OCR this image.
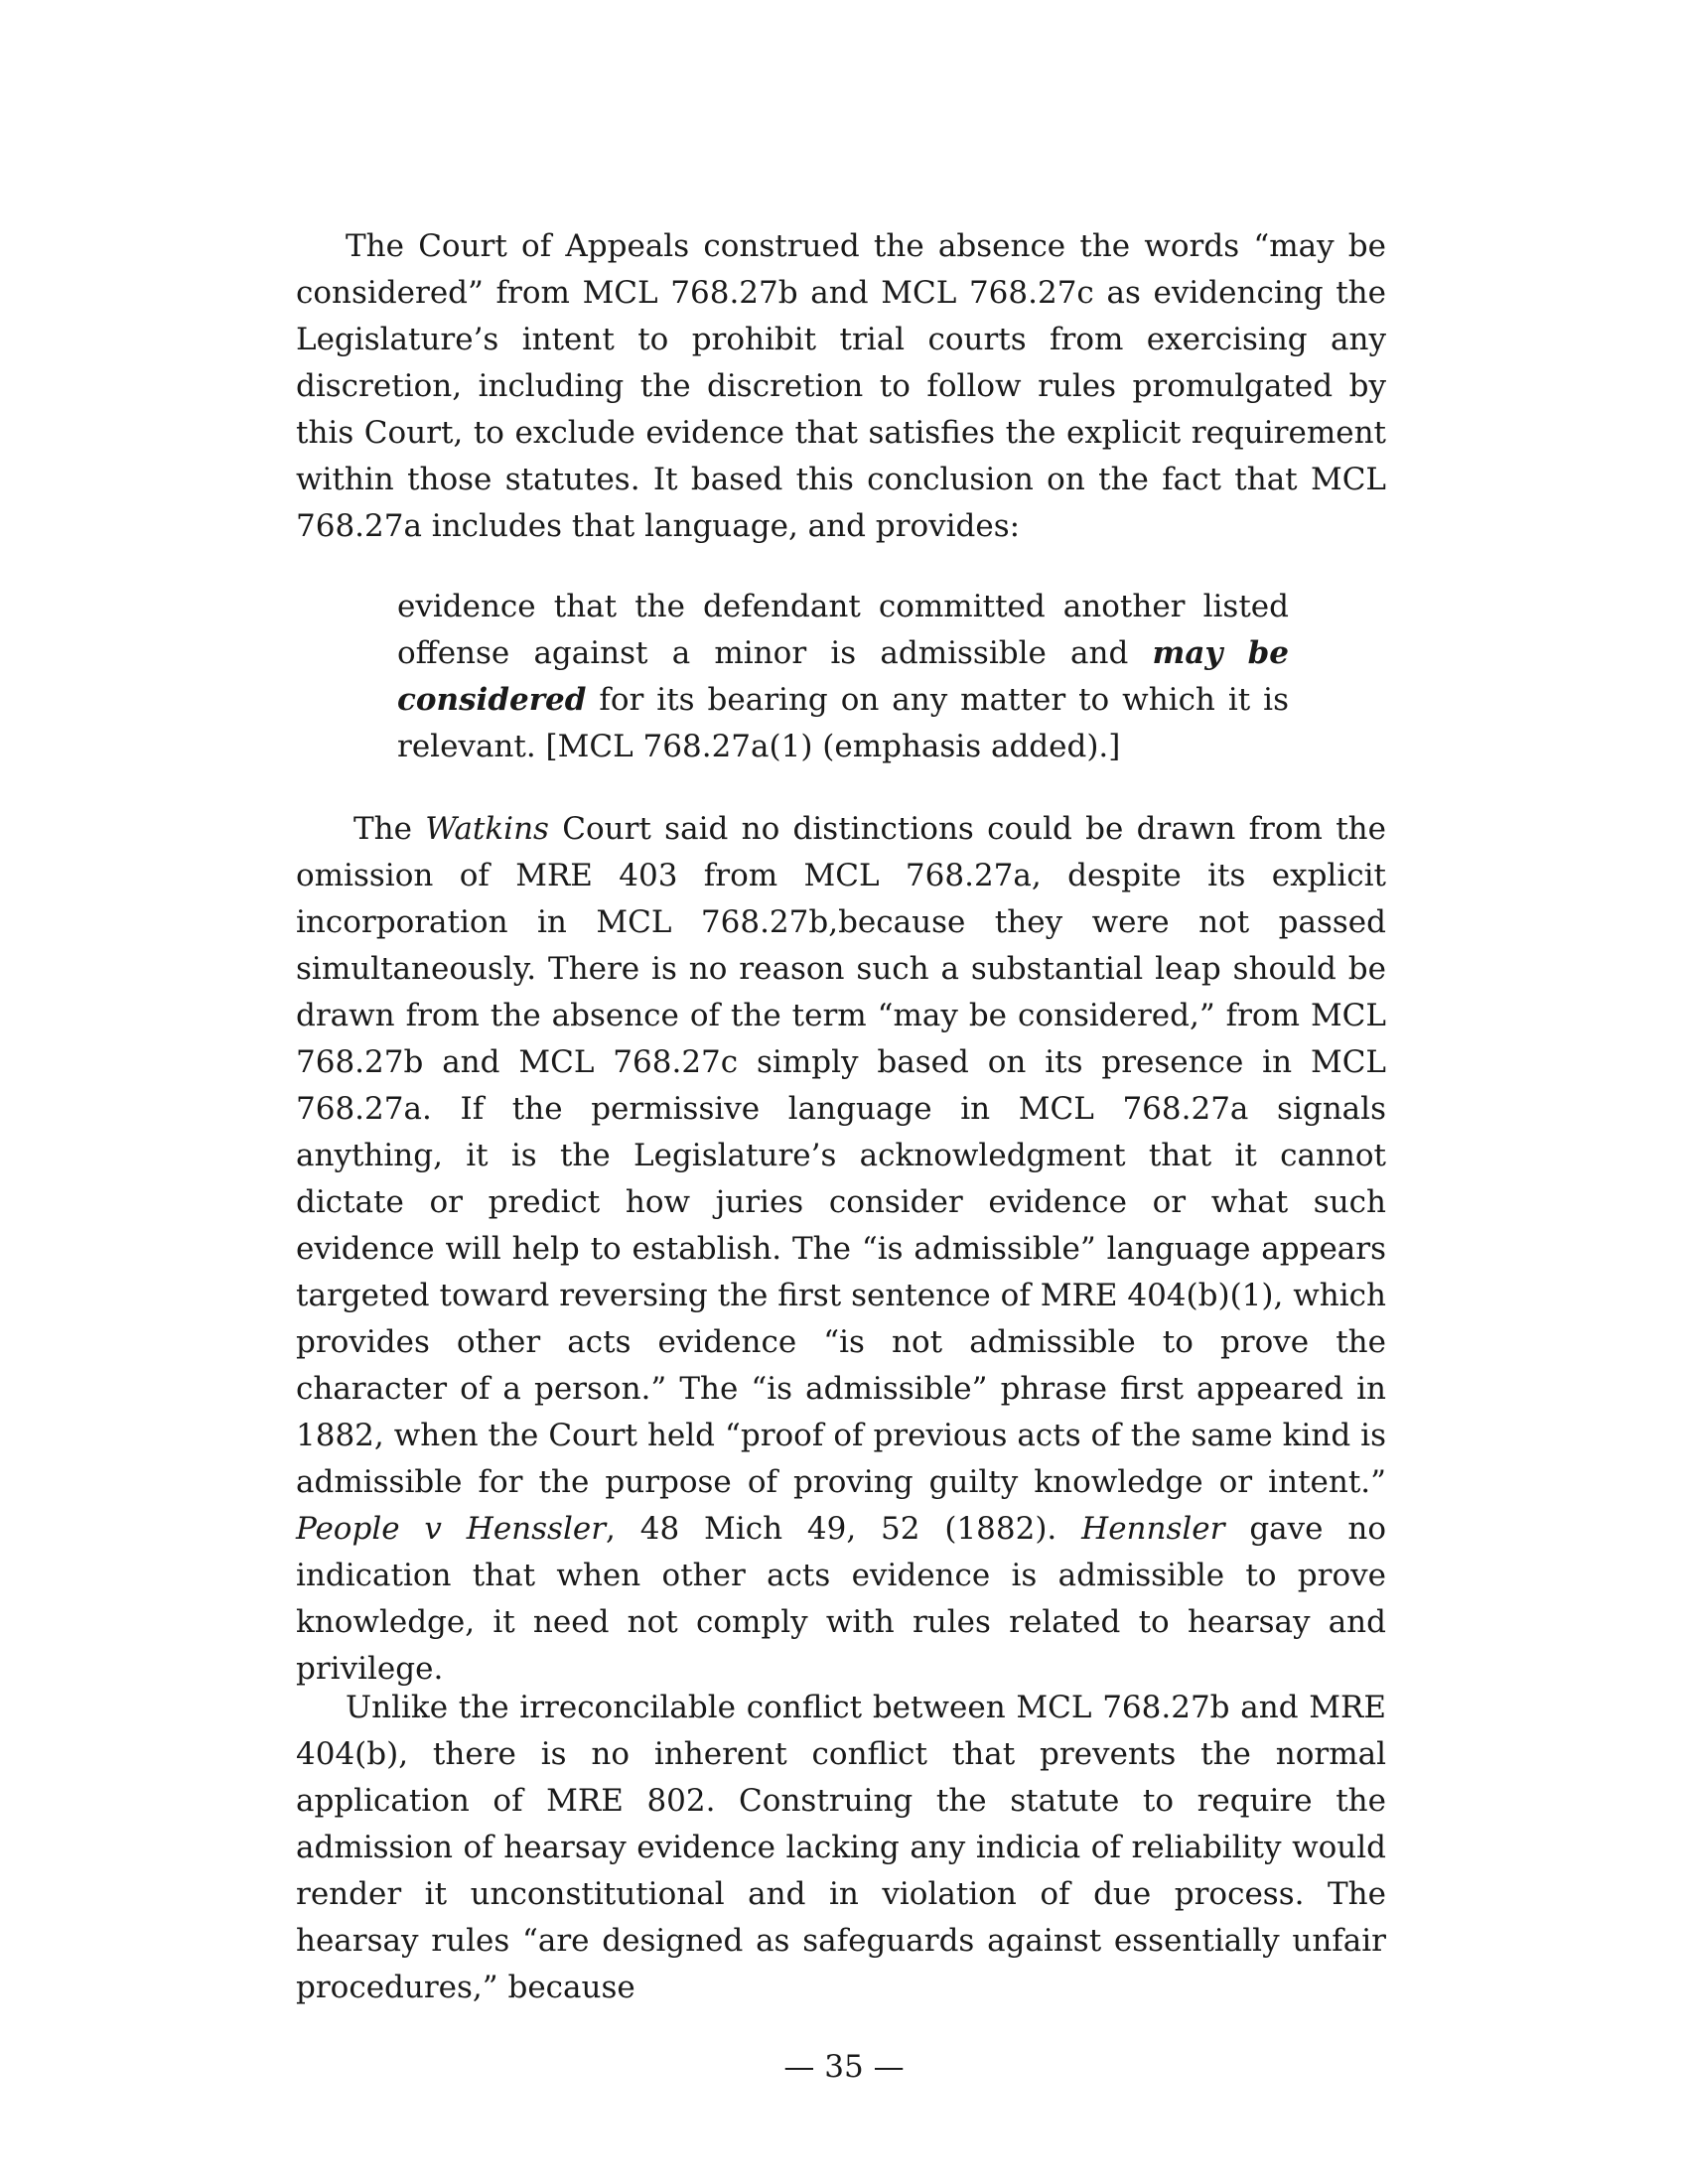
The Court of Appeals construed the absence the words “may be considered” from MCL 768.27b and MCL 768.27c as evidencing the Legislature’s intent to prohibit trial courts from exercising any discretion, including the discretion to follow rules promulgated by this Court, to exclude evidence that satisfies the explicit requirement within those statutes. It based this conclusion on the fact that MCL 768.27a includes that language, and provides:

evidence that the defendant committed another listed offense against a minor is admissible and may be considered for its bearing on any matter to which it is relevant. [MCL 768.27a(1) (emphasis added).]

The Watkins Court said no distinctions could be drawn from the omission of MRE 403 from MCL 768.27a, despite its explicit incorporation in MCL 768.27b,because they were not passed simultaneously. There is no reason such a substantial leap should be drawn from the absence of the term “may be considered,” from MCL 768.27b and MCL 768.27c simply based on its presence in MCL 768.27a. If the permissive language in MCL 768.27a signals anything, it is the Legislature’s acknowledgment that it cannot dictate or predict how juries consider evidence or what such evidence will help to establish. The “is admissible” language appears targeted toward reversing the first sentence of MRE 404(b)(1), which provides other acts evidence “is not admissible to prove the character of a person.” The “is admissible” phrase first appeared in 1882, when the Court held “proof of previous acts of the same kind is admissible for the purpose of proving guilty knowledge or intent.” People v Henssler, 48 Mich 49, 52 (1882). Hennsler gave no indication that when other acts evidence is admissible to prove knowledge, it need not comply with rules related to hearsay and privilege.

Unlike the irreconcilable conflict between MCL 768.27b and MRE 404(b), there is no inherent conflict that prevents the normal application of MRE 802. Construing the statute to require the admission of hearsay evidence lacking any indicia of reliability would render it unconstitutional and in violation of due process. The hearsay rules “are designed as safeguards against essentially unfair procedures,” because

— 35 —
